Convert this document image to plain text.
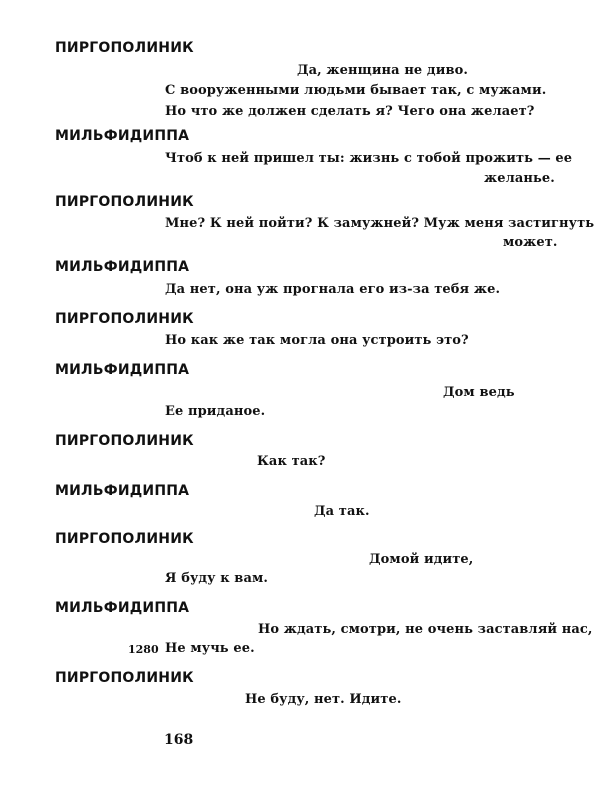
ПИРГОПОЛИНИК
Да, женщина не диво.
С вооруженными людьми бывает так, с мужами.
Но что же должен сделать я? Чего она желает?
МИЛЬФИДИППА
Чтоб к ней пришел ты: жизнь с тобой прожить — ее
желанье.
ПИРГОПОЛИНИК
Мне? К ней пойти? К замужней? Муж меня застигнуть
может.
МИЛЬФИДИППА
Да нет, она уж прогнала его из-за тебя же.
ПИРГОПОЛИНИК
Но как же так могла она устроить это?
МИЛЬФИДИППА
Дом ведь
Ее приданое.
ПИРГОПОЛИНИК
Как так?
МИЛЬФИДИППА
Да так.
ПИРГОПОЛИНИК
Домой идите,
Я буду к вам.
МИЛЬФИДИППА
Но ждать, смотри, не очень заставляй нас,
1280 Не мучь ее.
ПИРГОПОЛИНИК
Не буду, нет. Идите.
168
